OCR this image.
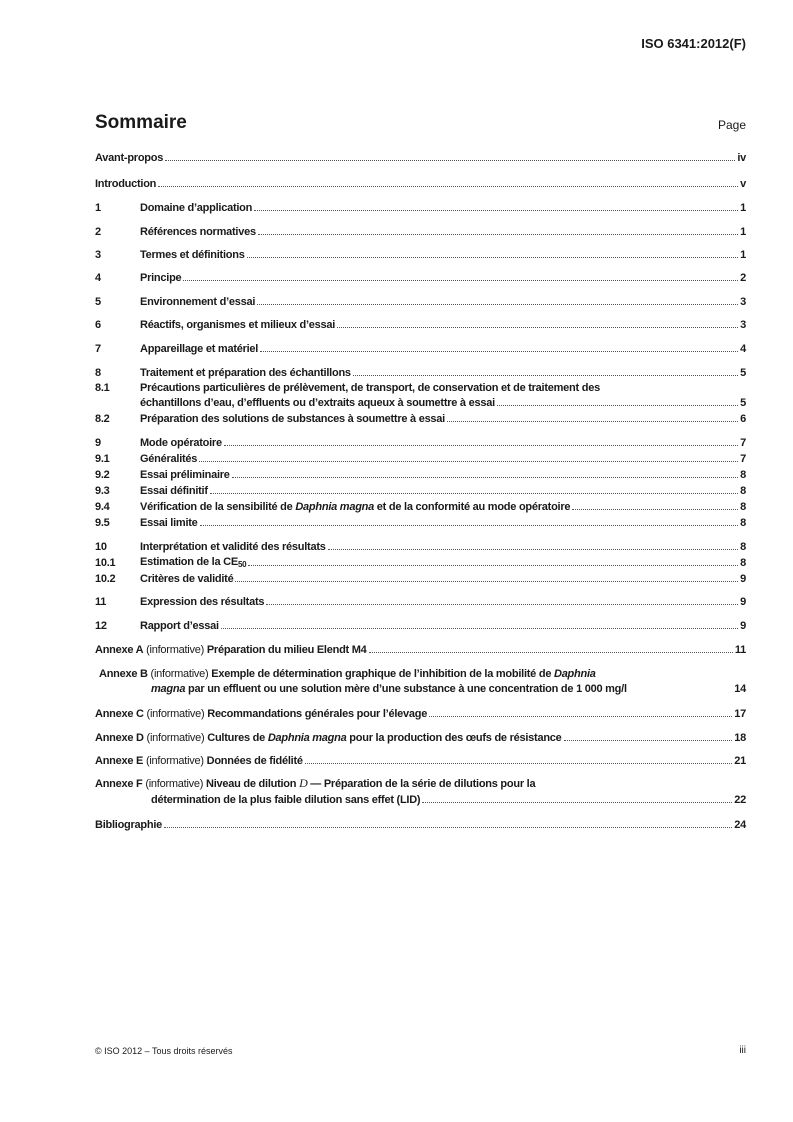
ISO 6341:2012(F)
Sommaire	Page
Avant-propos	iv
Introduction	v
1	Domaine d’application	1
2	Références normatives	1
3	Termes et définitions	1
4	Principe	2
5	Environnement d’essai	3
6	Réactifs, organismes et milieux d’essai	3
7	Appareillage et matériel	4
8	Traitement et préparation des échantillons	5
8.1	Précautions particulières de prélèvement, de transport, de conservation et de traitement des
échantillons d’eau, d’effluents ou d’extraits aqueux à soumettre à essai	5
8.2	Préparation des solutions de substances à soumettre à essai	6
9	Mode opératoire	7
9.1	Généralités	7
9.2	Essai préliminaire	8
9.3	Essai définitif	8
9.4	Vérification de la sensibilité de Daphnia magna et de la conformité au mode opératoire	8
9.5	Essai limite	8
10	Interprétation et validité des résultats	8
10.1 Estimation de la $CE_{50}$	8
10.2 Critères de validité	9
11	Expression des résultats	9
12	Rapport d’essai	9
Annexe A (informative) Préparation du milieu Elendt M4	11
Annexe B (informative) Exemple de détermination graphique de l’inhibition de la mobilité de Daphnia
magna par un effluent ou une solution mère d’une substance à une concentration de 1 000 mg/l	14
Annexe C (informative) Recommandations générales pour l’élevage	17
Annexe D (informative) Cultures de Daphnia magna pour la production des œufs de résistance	18
Annexe E (informative) Données de fidélité	21
Annexe F (informative) Niveau de dilution D — Préparation de la série de dilutions pour la
détermination de la plus faible dilution sans effet (LID)	22
Bibliographie	24
© ISO 2012 – Tous droits réservés	iii
